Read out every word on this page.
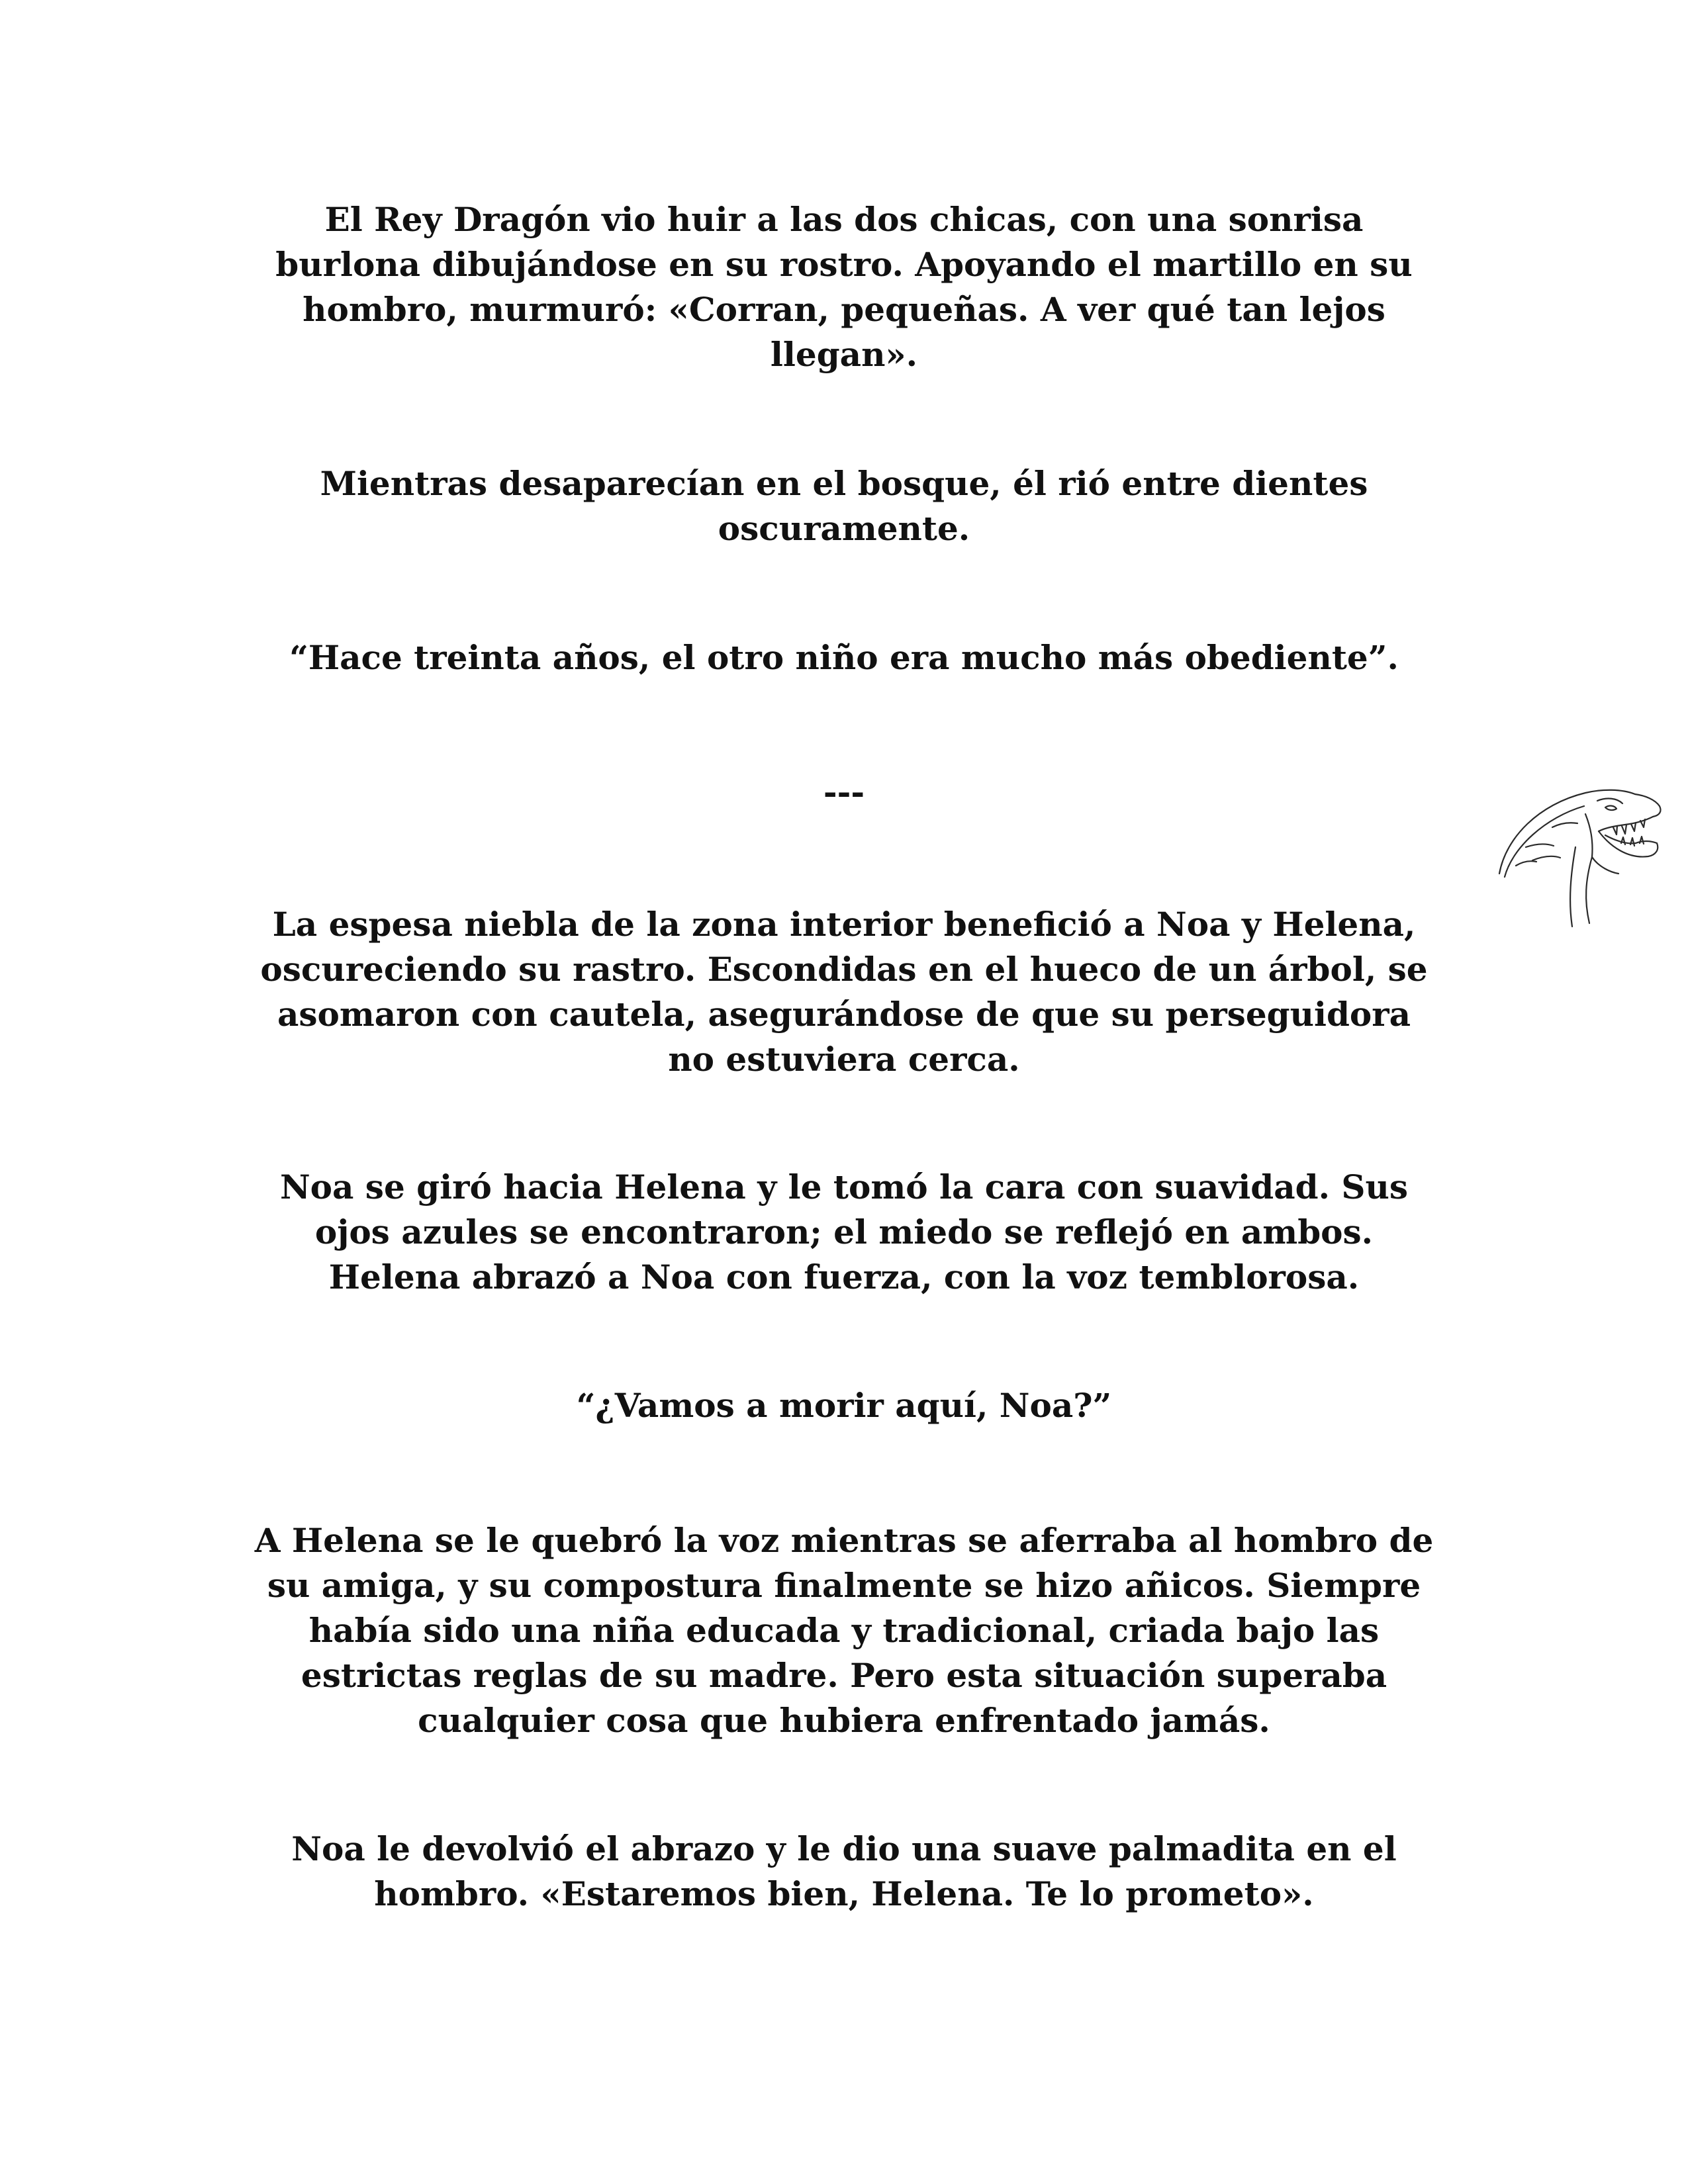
El Rey Dragón vio huir a las dos chicas, con una sonrisa
burlona dibujándose en su rostro. Apoyando el martillo en su
hombro, murmuró: «Corran, pequeñas. A ver qué tan lejos
llegan».

Mientras desaparecían en el bosque, él rió entre dientes
oscuramente.

“Hace treinta años, el otro niño era mucho más obediente”.

---

La espesa niebla de la zona interior benefició a Noa y Helena,
oscureciendo su rastro. Escondidas en el hueco de un árbol, se
asomaron con cautela, asegurándose de que su perseguidora
no estuviera cerca.

Noa se giró hacia Helena y le tomó la cara con suavidad. Sus
ojos azules se encontraron; el miedo se reflejó en ambos.
Helena abrazó a Noa con fuerza, con la voz temblorosa.

“¿Vamos a morir aquí, Noa?”

A Helena se le quebró la voz mientras se aferraba al hombro de
su amiga, y su compostura finalmente se hizo añicos. Siempre
había sido una niña educada y tradicional, criada bajo las
estrictas reglas de su madre. Pero esta situación superaba
cualquier cosa que hubiera enfrentado jamás.

Noa le devolvió el abrazo y le dio una suave palmadita en el
hombro. «Estaremos bien, Helena. Te lo prometo».
